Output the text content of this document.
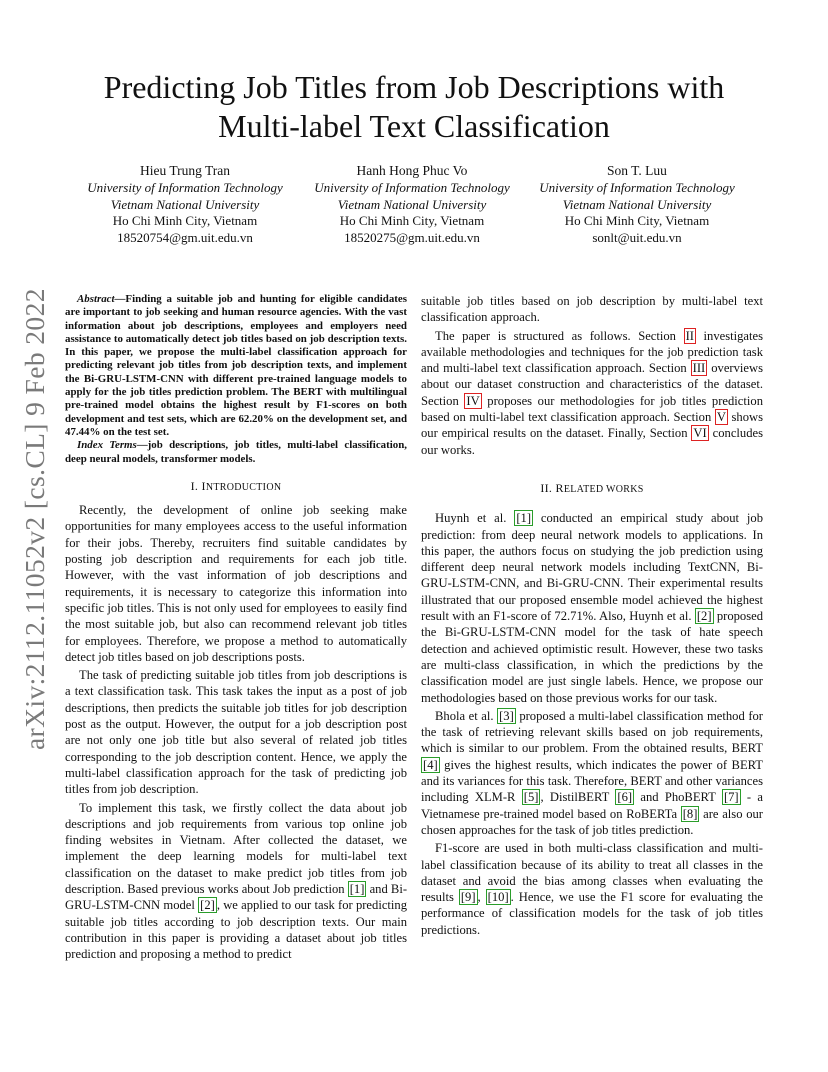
Predicting Job Titles from Job Descriptions with
Multi-label Text Classification
Hieu Trung Tran
University of Information Technology
Vietnam National University
Ho Chi Minh City, Vietnam
18520754@gm.uit.edu.vn
Hanh Hong Phuc Vo
University of Information Technology
Vietnam National University
Ho Chi Minh City, Vietnam
18520275@gm.uit.edu.vn
Son T. Luu
University of Information Technology
Vietnam National University
Ho Chi Minh City, Vietnam
sonlt@uit.edu.vn
arXiv:2112.11052v2 [cs.CL] 9 Feb 2022	Abstract—Finding a suitable job and hunting for eligible candidates are important to job seeking and human resource agencies. With the vast information about job descriptions, employees and employers need assistance to automatically detect job titles based on job description texts. In this paper, we propose the multi-label classification approach for predicting relevant job titles from job description texts, and implement the Bi-GRU-LSTM-CNN with different pre-trained language models to apply for the job titles prediction problem. The BERT with multilingual pre-trained model obtains the highest result by F1-scores on both development and test sets, which are 62.20% on the development set, and 47.44% on the test set.

Index Terms—job descriptions, job titles, multi-label classification, deep neural models, transformer models.

I. INTRODUCTION

Recently, the development of online job seeking make opportunities for many employees access to the useful information for their jobs. Thereby, recruiters find suitable candidates by posting job description and requirements for each job title. However, with the vast information of job descriptions and requirements, it is necessary to categorize this information into specific job titles. This is not only used for employees to easily find the most suitable job, but also can recommend relevant job titles for employees. Therefore, we propose a method to automatically detect job titles based on job descriptions posts.

The task of predicting suitable job titles from job descriptions is a text classification task. This task takes the input as a post of job descriptions, then predicts the suitable job titles for job description post as the output. However, the output for a job description post are not only one job title but also several of related job titles corresponding to the job description content. Hence, we apply the multi-label classification approach for the task of predicting job titles from job description.

To implement this task, we firstly collect the data about job descriptions and job requirements from various top online job finding websites in Vietnam. After collected the dataset, we implement the deep learning models for multi-label text classification on the dataset to make predict job titles from job description. Based previous works about Job prediction [1] and Bi-GRU-LSTM-CNN model [2] , we applied to our task for predicting suitable job titles according to job description texts. Our main contribution in this paper is providing a dataset about job titles prediction and proposing a method to predict

suitable job titles based on job description by multi-label text classification approach.

The paper is structured as follows. Section II investigates available methodologies and techniques for the job prediction task and multi-label text classification approach. Section III overviews about our dataset construction and characteristics of the dataset. Section IV proposes our methodologies for job titles prediction based on multi-label text classification approach. Section V shows our empirical results on the dataset. Finally, Section VI concludes our works.

II. RELATED WORKS

Huynh et al. [1] conducted an empirical study about job prediction: from deep neural network models to applications. In this paper, the authors focus on studying the job prediction using different deep neural network models including TextCNN, Bi-GRU-LSTM-CNN, and Bi-GRU-CNN. Their experimental results illustrated that our proposed ensemble model achieved the highest result with an F1-score of 72.71%. Also, Huynh et al. [2] proposed the Bi-GRU-LSTM-CNN model for the task of hate speech detection and achieved optimistic result. However, these two tasks are multi-class classification, in which the predictions by the classification model are just single labels. Hence, we propose our methodologies based on those previous works for our task.

Bhola et al. [3] proposed a multi-label classification method for the task of retrieving relevant skills based on job requirements, which is similar to our problem. From the obtained results, BERT [4] gives the highest results, which indicates the power of BERT and its variances for this task. Therefore, BERT and other variances including XLM-R [5] , DistilBERT [6] and PhoBERT [7] - a Vietnamese pre-trained model based on RoBERTa [8] are also our chosen approaches for the task of job titles prediction.

F1-score are used in both multi-class classification and multi-label classification because of its ability to treat all classes in the dataset and avoid the bias among classes when evaluating the results [9] , [10] . Hence, we use the F1 score for evaluating the performance of classification models for the task of job titles predictions.
